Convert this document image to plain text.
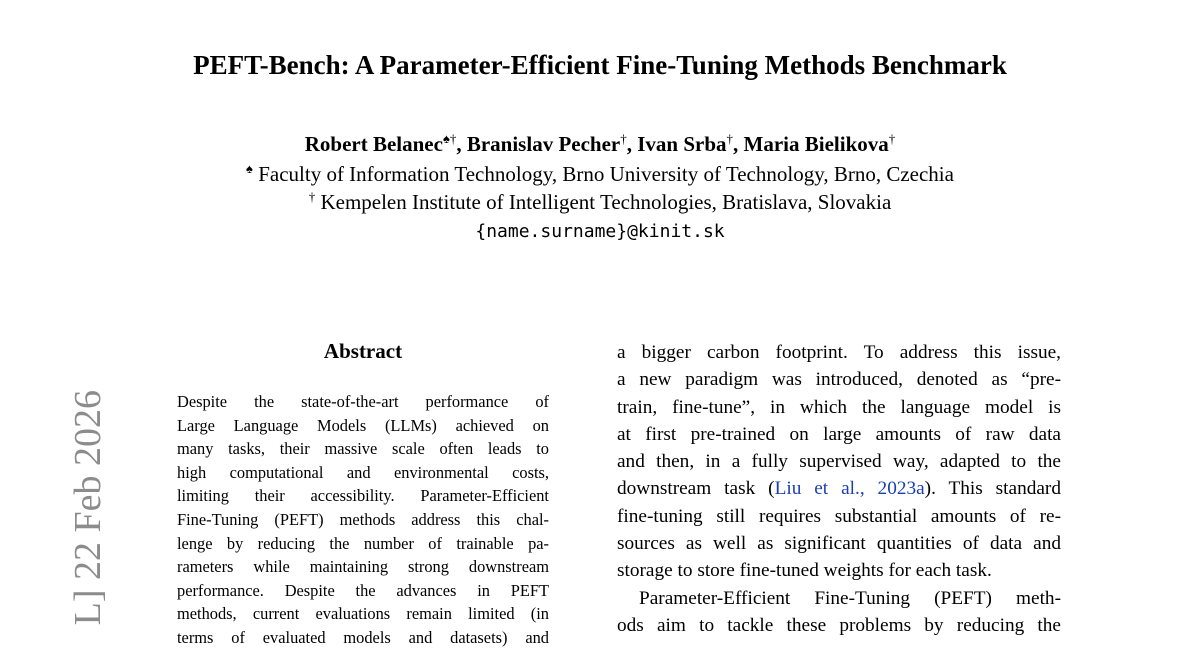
L] 22 Feb 2026
PEFT-Bench: A Parameter-Efficient Fine-Tuning Methods Benchmark
Robert Belanec♠†, Branislav Pecher†, Ivan Srba†, Maria Bielikova†
♠ Faculty of Information Technology, Brno University of Technology, Brno, Czechia
† Kempelen Institute of Intelligent Technologies, Bratislava, Slovakia
{name.surname}@kinit.sk
Abstract
Despite the state-of-the-art performance of
Large Language Models (LLMs) achieved on
many tasks, their massive scale often leads to
high computational and environmental costs,
limiting their accessibility. Parameter-Efficient
Fine-Tuning (PEFT) methods address this chal-
lenge by reducing the number of trainable pa-
rameters while maintaining strong downstream
performance. Despite the advances in PEFT
methods, current evaluations remain limited (in
terms of evaluated models and datasets) and
a bigger carbon footprint. To address this issue,
a new paradigm was introduced, denoted as “pre-
train, fine-tune”, in which the language model is
at first pre-trained on large amounts of raw data
and then, in a fully supervised way, adapted to the
downstream task (Liu et al., 2023a). This standard
fine-tuning still requires substantial amounts of re-
sources as well as significant quantities of data and
storage to store fine-tuned weights for each task.
Parameter-Efficient Fine-Tuning (PEFT) meth-
ods aim to tackle these problems by reducing the
